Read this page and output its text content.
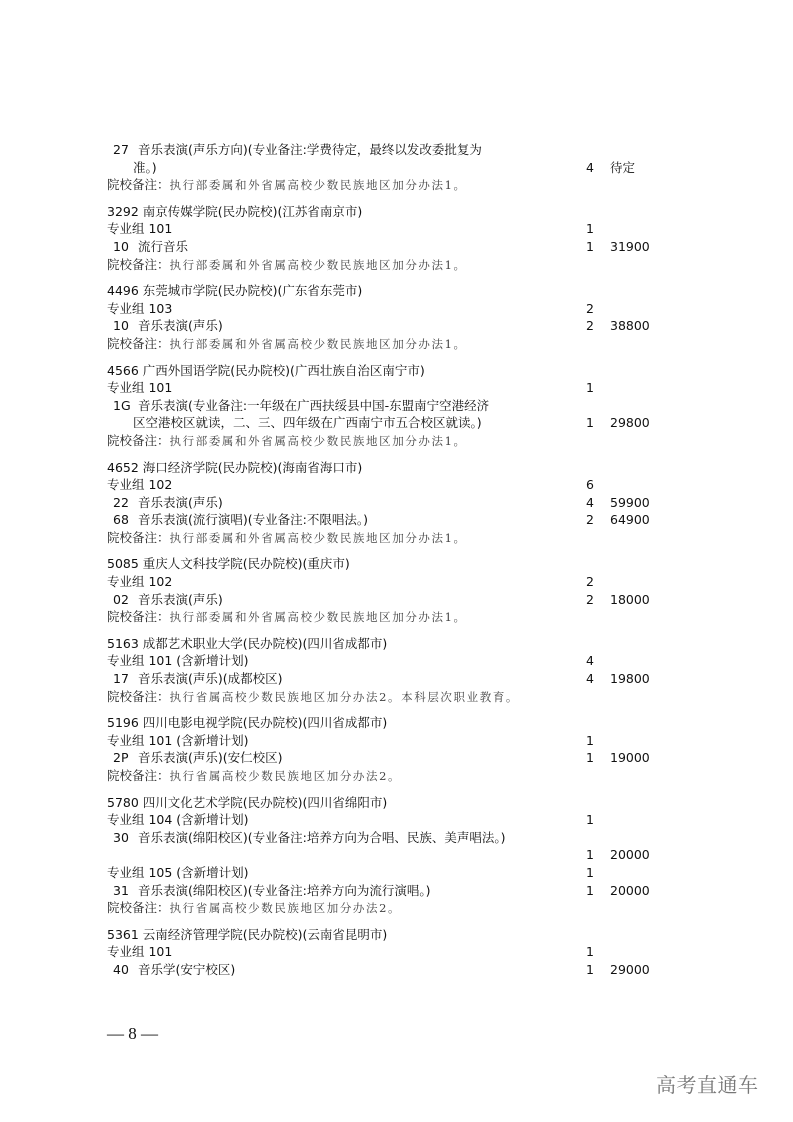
27 音乐表演(声乐方向)(专业备注:学费待定，最终以发改委批复为
准。)	4 待定
院校备注：执行部委属和外省属高校少数民族地区加分办法1。
3292 南京传媒学院(民办院校)(江苏省南京市)
专业组 101	1
10 流行音乐	1 31900
院校备注：执行部委属和外省属高校少数民族地区加分办法1。
4496 东莞城市学院(民办院校)(广东省东莞市)
专业组 103	2
10 音乐表演(声乐)	2 38800
院校备注：执行部委属和外省属高校少数民族地区加分办法1。
4566 广西外国语学院(民办院校)(广西壮族自治区南宁市)
专业组 101	1
1G 音乐表演(专业备注:一年级在广西扶绥县中国-东盟南宁空港经济
区空港校区就读，二、三、四年级在广西南宁市五合校区就读。)	1 29800
院校备注：执行部委属和外省属高校少数民族地区加分办法1。
4652 海口经济学院(民办院校)(海南省海口市)
专业组 102	6
22 音乐表演(声乐)	4 59900
68 音乐表演(流行演唱)(专业备注:不限唱法。)	2 64900
院校备注：执行部委属和外省属高校少数民族地区加分办法1。
5085 重庆人文科技学院(民办院校)(重庆市)
专业组 102	2
02 音乐表演(声乐)	2 18000
院校备注：执行部委属和外省属高校少数民族地区加分办法1。
5163 成都艺术职业大学(民办院校)(四川省成都市)
专业组 101 (含新增计划)	4
17 音乐表演(声乐)(成都校区)	4 19800
院校备注：执行省属高校少数民族地区加分办法2。本科层次职业教育。
5196 四川电影电视学院(民办院校)(四川省成都市)
专业组 101 (含新增计划)	1
2P 音乐表演(声乐)(安仁校区)	1 19000
院校备注：执行省属高校少数民族地区加分办法2。
5780 四川文化艺术学院(民办院校)(四川省绵阳市)
专业组 104 (含新增计划)	1
30 音乐表演(绵阳校区)(专业备注:培养方向为合唱、民族、美声唱法。)
1 20000
专业组 105 (含新增计划)	1
31 音乐表演(绵阳校区)(专业备注:培养方向为流行演唱。)	1 20000
院校备注：执行省属高校少数民族地区加分办法2。
5361 云南经济管理学院(民办院校)(云南省昆明市)
专业组 101	1
40 音乐学(安宁校区)	1 29000
— 8 —
高考直通车
